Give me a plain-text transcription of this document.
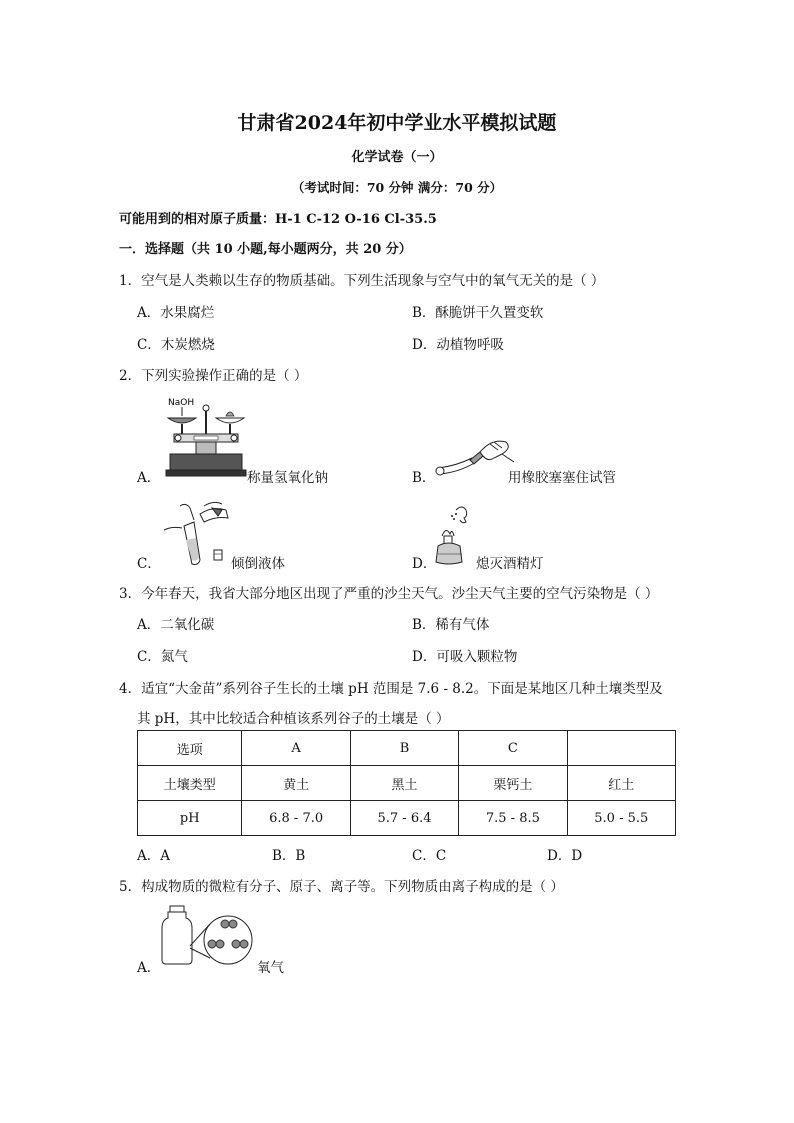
甘肃省2024年初中学业水平模拟试题
化学试卷（一）
（考试时间：70 分钟 满分：70 分）
可能用到的相对原子质量：H-1 C-12 O-16 Cl-35.5
一．选择题（共 10 小题,每小题两分，共 20 分）
1．空气是人类赖以生存的物质基础。下列生活现象与空气中的氧气无关的是（ ）
A．水果腐烂	B．酥脆饼干久置变软
C．木炭燃烧	D．动植物呼吸
2．下列实验操作正确的是（ ）
NaOH
A．	称量氢氧化钠	B．	用橡胶塞塞住试管
C．	倾倒液体	D．	熄灭酒精灯
3．今年春天，我省大部分地区出现了严重的沙尘天气。沙尘天气主要的空气污染物是（ ）
A．二氧化碳	B．稀有气体
C．氮气	D．可吸入颗粒物
4．适宜“大金苗”系列谷子生长的土壤 pH 范围是 7.6 - 8.2。下面是某地区几种土壤类型及
其 pH，其中比较适合种植该系列谷子的土壤是（ ）
选项	A	B	C	
土壤类型	黄土	黑土	栗钙土	红土
pH	6.8 - 7.0	5.7 - 6.4	7.5 - 8.5	5.0 - 5.5
A．A	B．B	C．C	D．D
5．构成物质的微粒有分子、原子、离子等。下列物质由离子构成的是（ ）
A．	氧气
